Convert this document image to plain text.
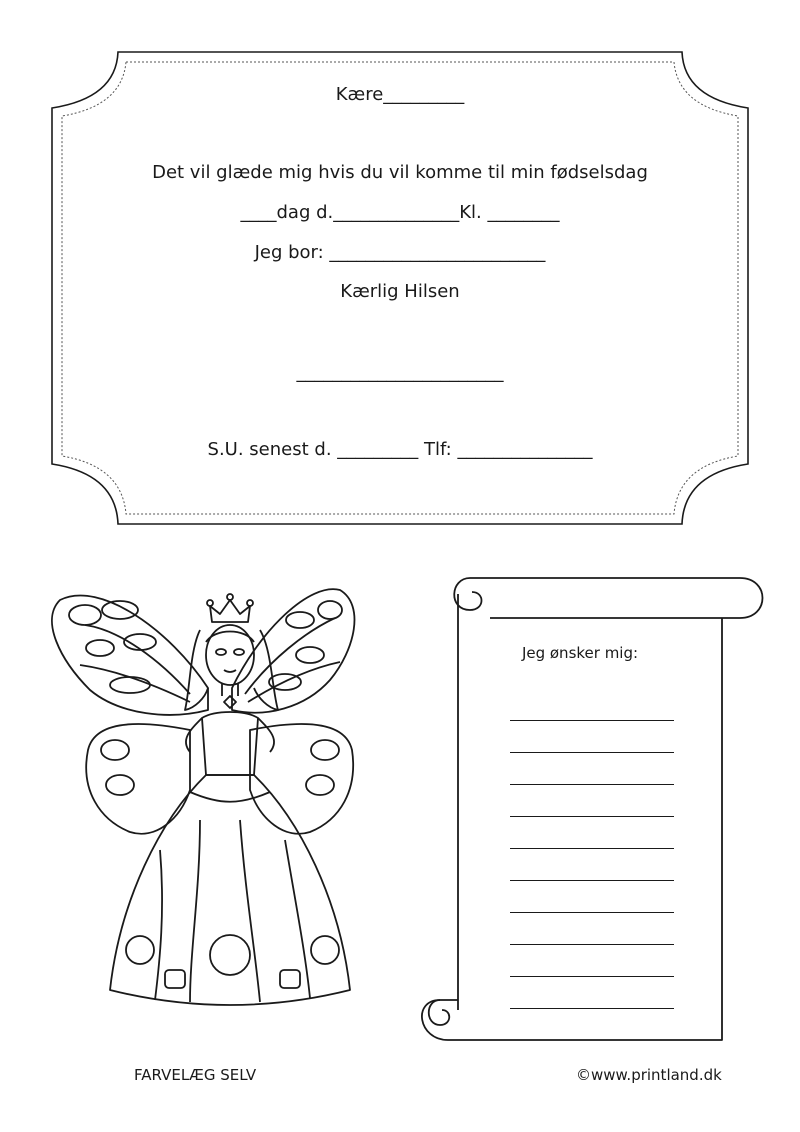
Kære_________
Det vil glæde mig hvis du vil komme til min fødselsdag
____dag d.______________Kl. ________
Jeg bor: ________________________
Kærlig Hilsen
_______________________
S.U. senest d. _________ Tlf: _______________
Jeg ønsker mig:
FARVELÆG SELV	©www.printland.dk
